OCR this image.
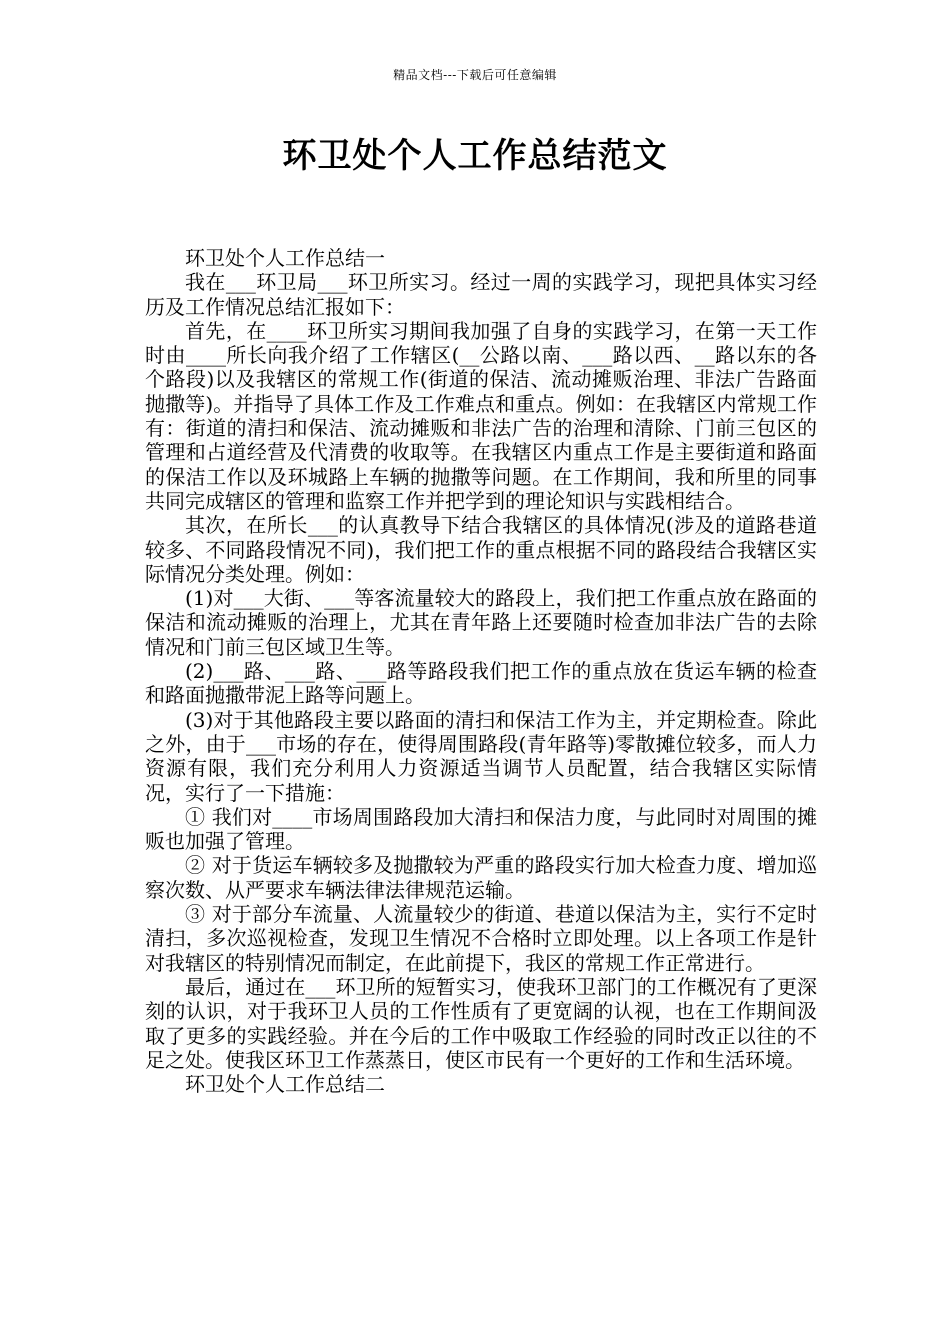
精品文档---下载后可任意编辑
环卫处个人工作总结范文

环卫处个人工作总结一

我在___环卫局___环卫所实习。经过一周的实践学习，现把具体实习经历及工作情况总结汇报如下：

首先，在____环卫所实习期间我加强了自身的实践学习，在第一天工作时由____所长向我介绍了工作辖区(__公路以南、___路以西、__路以东的各个路段)以及我辖区的常规工作(街道的保洁、流动摊贩治理、非法广告路面抛撒等)。并指导了具体工作及工作难点和重点。例如：在我辖区内常规工作有：街道的清扫和保洁、流动摊贩和非法广告的治理和清除、门前三包区的管理和占道经营及代清费的收取等。在我辖区内重点工作是主要街道和路面的保洁工作以及环城路上车辆的抛撒等问题。在工作期间，我和所里的同事共同完成辖区的管理和监察工作并把学到的理论知识与实践相结合。

其次，在所长___的认真教导下结合我辖区的具体情况(涉及的道路巷道较多、不同路段情况不同)，我们把工作的重点根据不同的路段结合我辖区实际情况分类处理。例如：

(1)对___大街、___等客流量较大的路段上，我们把工作重点放在路面的保洁和流动摊贩的治理上，尤其在青年路上还要随时检查加非法广告的去除情况和门前三包区域卫生等。

(2)___路、___路、___路等路段我们把工作的重点放在货运车辆的检查和路面抛撒带泥上路等问题上。

(3)对于其他路段主要以路面的清扫和保洁工作为主，并定期检查。除此之外，由于___市场的存在，使得周围路段(青年路等)零散摊位较多，而人力资源有限，我们充分利用人力资源适当调节人员配置，结合我辖区实际情况，实行了一下措施：

① 我们对____市场周围路段加大清扫和保洁力度，与此同时对周围的摊贩也加强了管理。

② 对于货运车辆较多及抛撒较为严重的路段实行加大检查力度、增加巡察次数、从严要求车辆法律法律规范运输。

③ 对于部分车流量、人流量较少的街道、巷道以保洁为主，实行不定时清扫，多次巡视检查，发现卫生情况不合格时立即处理。以上各项工作是针对我辖区的特别情况而制定，在此前提下，我区的常规工作正常进行。

最后，通过在___环卫所的短暂实习，使我环卫部门的工作概况有了更深刻的认识，对于我环卫人员的工作性质有了更宽阔的认视，也在工作期间汲取了更多的实践经验。并在今后的工作中吸取工作经验的同时改正以往的不足之处。使我区环卫工作蒸蒸日，使区市民有一个更好的工作和生活环境。

环卫处个人工作总结二
